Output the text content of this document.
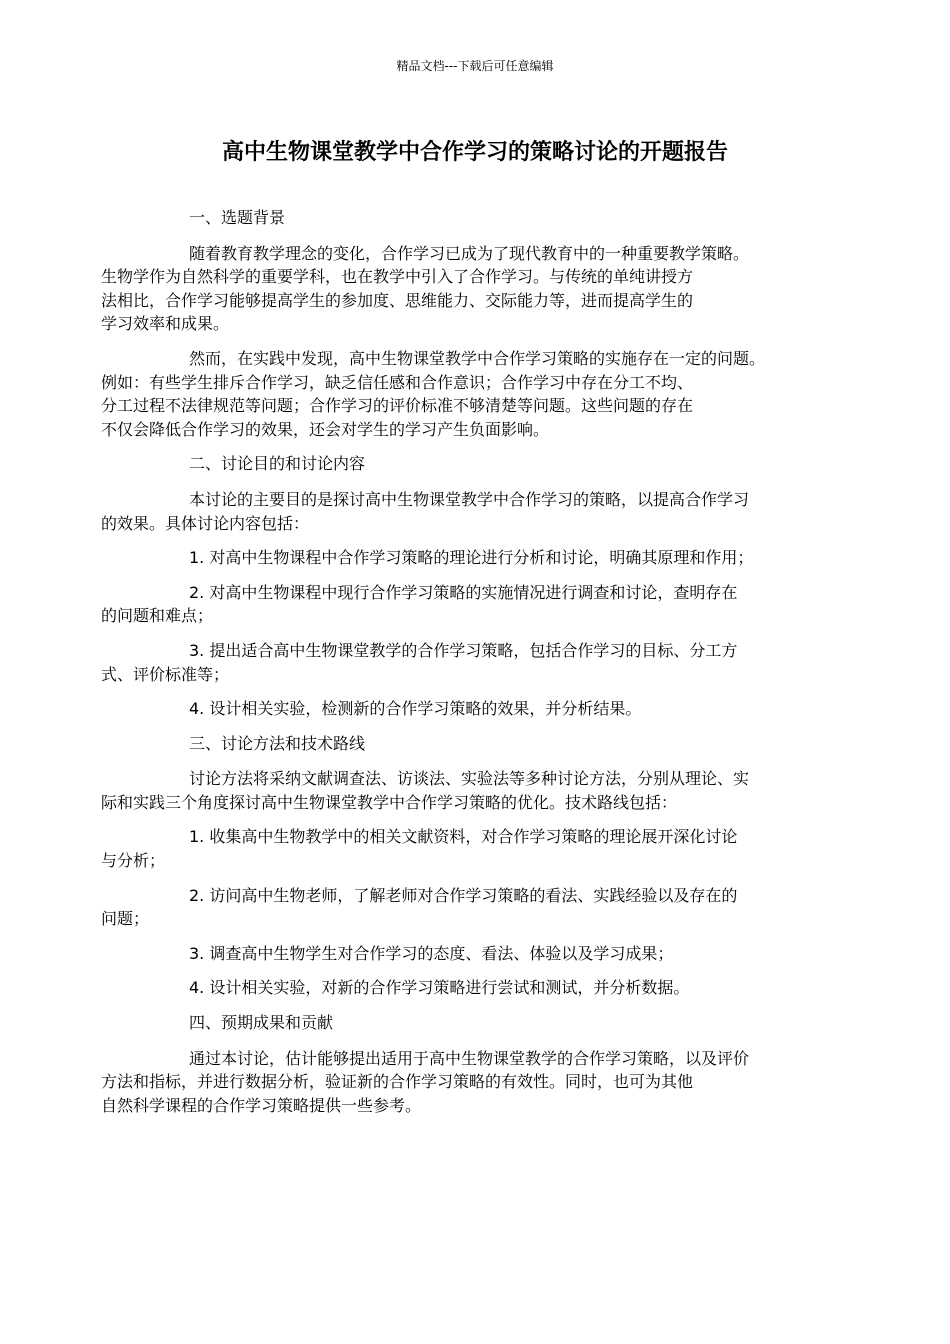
精品文档---下载后可任意编辑
高中生物课堂教学中合作学习的策略讨论的开题报告

一、选题背景

随着教育教学理念的变化，合作学习已成为了现代教育中的一种重要教学策略。
生物学作为自然科学的重要学科，也在教学中引入了合作学习。与传统的单纯讲授方
法相比，合作学习能够提高学生的参加度、思维能力、交际能力等，进而提高学生的
学习效率和成果。

然而，在实践中发现，高中生物课堂教学中合作学习策略的实施存在一定的问题。
例如：有些学生排斥合作学习，缺乏信任感和合作意识；合作学习中存在分工不均、
分工过程不法律规范等问题；合作学习的评价标准不够清楚等问题。这些问题的存在
不仅会降低合作学习的效果，还会对学生的学习产生负面影响。

二、讨论目的和讨论内容

本讨论的主要目的是探讨高中生物课堂教学中合作学习的策略，以提高合作学习
的效果。具体讨论内容包括：

1. 对高中生物课程中合作学习策略的理论进行分析和讨论，明确其原理和作用；

2. 对高中生物课程中现行合作学习策略的实施情况进行调查和讨论，查明存在
的问题和难点；

3. 提出适合高中生物课堂教学的合作学习策略，包括合作学习的目标、分工方
式、评价标准等；

4. 设计相关实验，检测新的合作学习策略的效果，并分析结果。

三、讨论方法和技术路线

讨论方法将采纳文献调查法、访谈法、实验法等多种讨论方法，分别从理论、实
际和实践三个角度探讨高中生物课堂教学中合作学习策略的优化。技术路线包括：

1. 收集高中生物教学中的相关文献资料，对合作学习策略的理论展开深化讨论
与分析；

2. 访问高中生物老师，了解老师对合作学习策略的看法、实践经验以及存在的
问题；

3. 调查高中生物学生对合作学习的态度、看法、体验以及学习成果；

4. 设计相关实验，对新的合作学习策略进行尝试和测试，并分析数据。

四、预期成果和贡献

通过本讨论，估计能够提出适用于高中生物课堂教学的合作学习策略，以及评价
方法和指标，并进行数据分析，验证新的合作学习策略的有效性。同时，也可为其他
自然科学课程的合作学习策略提供一些参考。
